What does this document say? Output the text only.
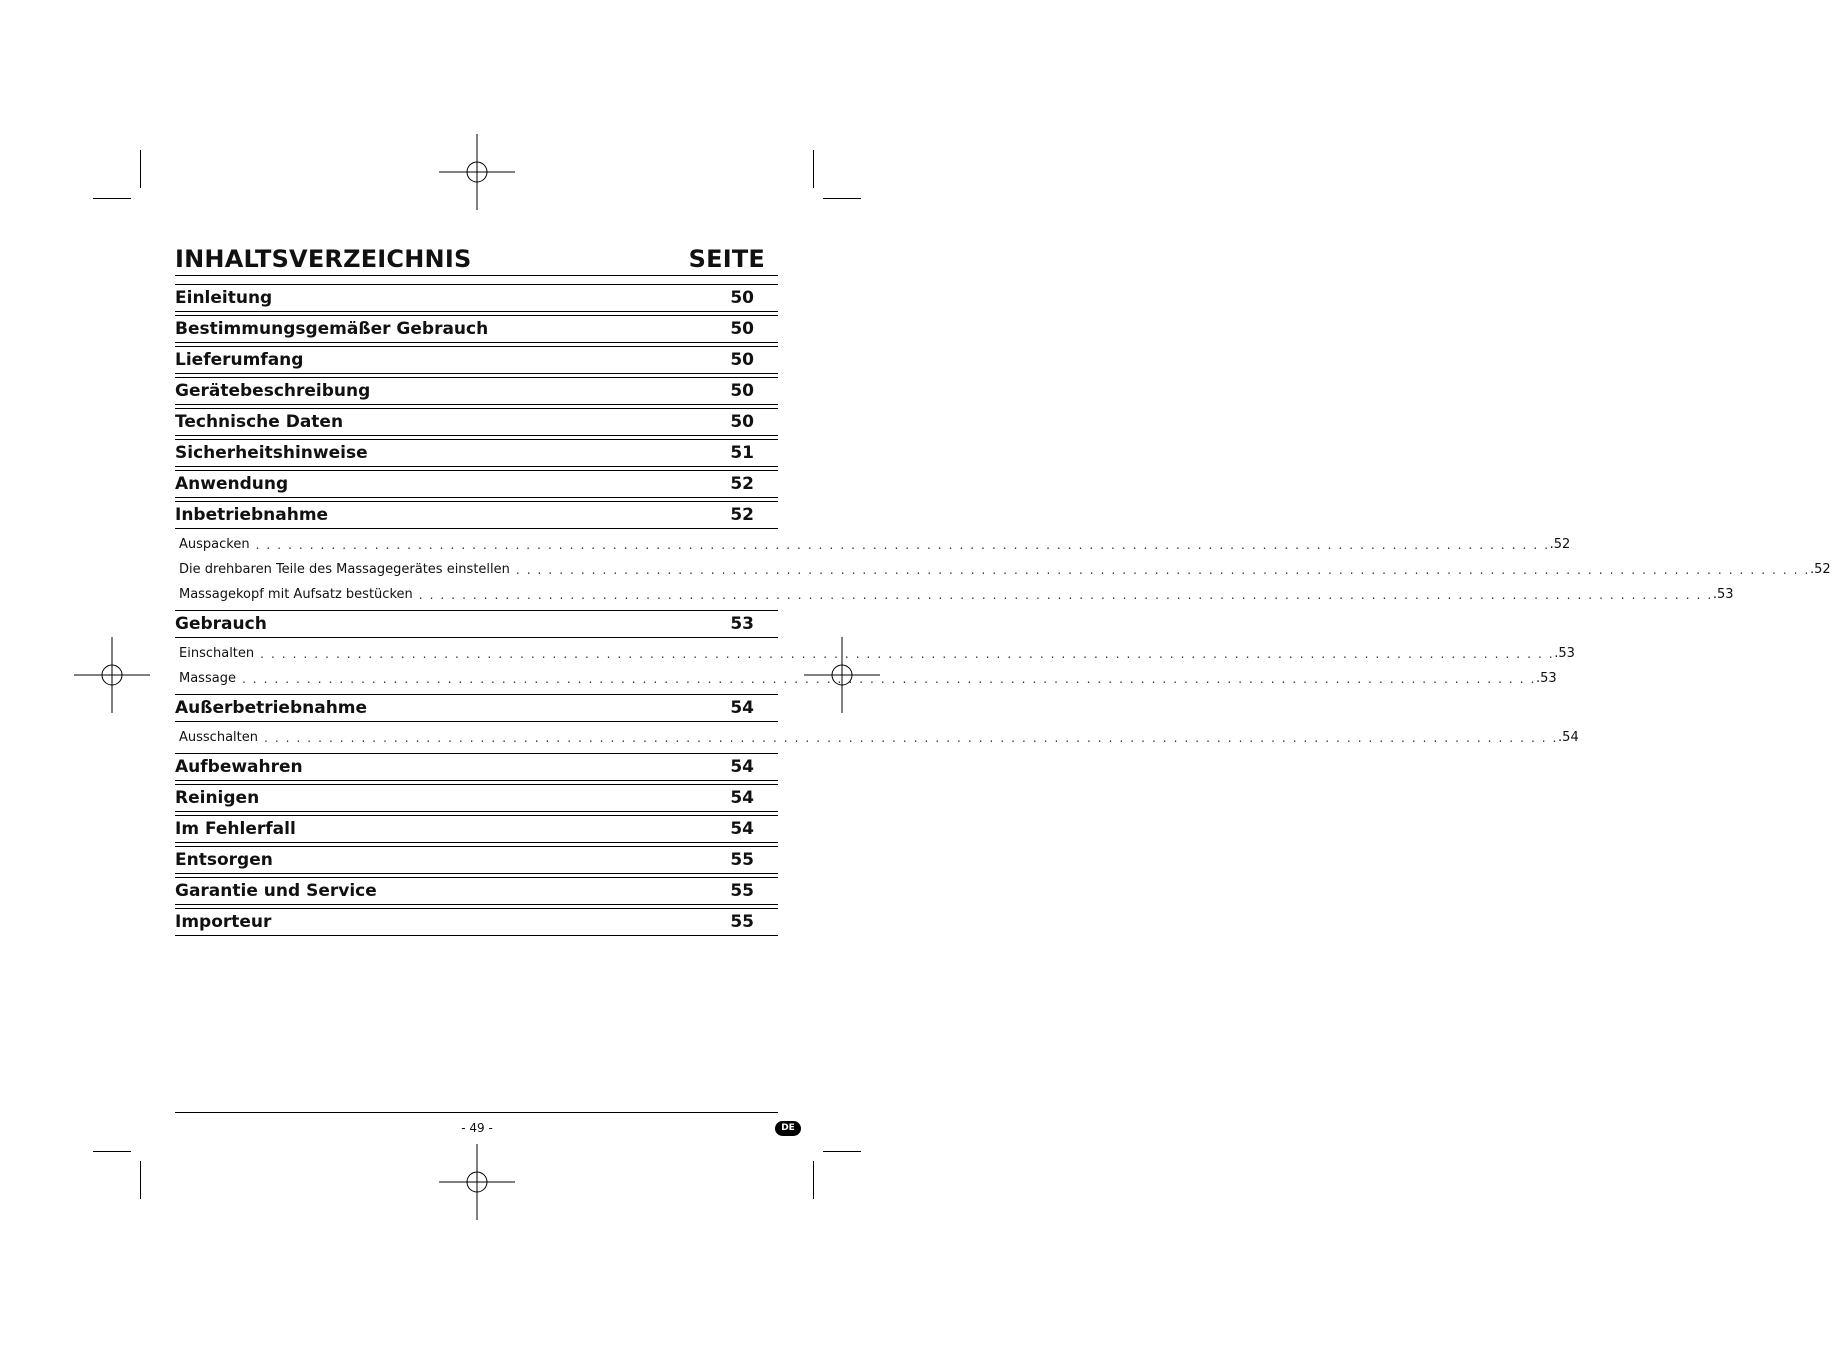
INHALTSVERZEICHNIS	SEITE
Einleitung	50
Bestimmungsgemäßer Gebrauch	50
Lieferumfang	50
Gerätebeschreibung	50
Technische Daten	50
Sicherheitshinweise	51
Anwendung	52
Inbetriebnahme	52
Auspacken . . . . . . . . . . . . . . . . . . . . . . . . . . . . . . . . . . . . . . . . . . . . . . . . . . . . . . . . . . . . . . . . . . . . . . . . . . . . . . . . . . . . . . . . . . . . . . . . . . . . . . . . . . . . . . . . . . . . . . . . .52
Die drehbaren Teile des Massagegerätes einstellen . . . . . . . . . . . . . . . . . . . . . . . . . . . . . . . . . . . . . . . . . . . . . . . . . . . . . . . . . . . . . . . . . . . . . . . . . . . . . . . . . . . . . . . . . . . . . . . . . . . . . . . . . . . . . . . . . . . . . . . . .52
Massagekopf mit Aufsatz bestücken . . . . . . . . . . . . . . . . . . . . . . . . . . . . . . . . . . . . . . . . . . . . . . . . . . . . . . . . . . . . . . . . . . . . . . . . . . . . . . . . . . . . . . . . . . . . . . . . . . . . . . . . . . . . . . . . . . . . . . . . .53
Gebrauch	53
Einschalten . . . . . . . . . . . . . . . . . . . . . . . . . . . . . . . . . . . . . . . . . . . . . . . . . . . . . . . . . . . . . . . . . . . . . . . . . . . . . . . . . . . . . . . . . . . . . . . . . . . . . . . . . . . . . . . . . . . . . . . . .53
Massage . . . . . . . . . . . . . . . . . . . . . . . . . . . . . . . . . . . . . . . . . . . . . . . . . . . . . . . . . . . . . . . . . . . . . . . . . . . . . . . . . . . . . . . . . . . . . . . . . . . . . . . . . . . . . . . . . . . . . . . . .53
Außerbetriebnahme	54
Ausschalten . . . . . . . . . . . . . . . . . . . . . . . . . . . . . . . . . . . . . . . . . . . . . . . . . . . . . . . . . . . . . . . . . . . . . . . . . . . . . . . . . . . . . . . . . . . . . . . . . . . . . . . . . . . . . . . . . . . . . . . . .54
Aufbewahren	54
Reinigen	54
Im Fehlerfall	54
Entsorgen	55
Garantie und Service	55
Importeur	55
- 49 -	DE
